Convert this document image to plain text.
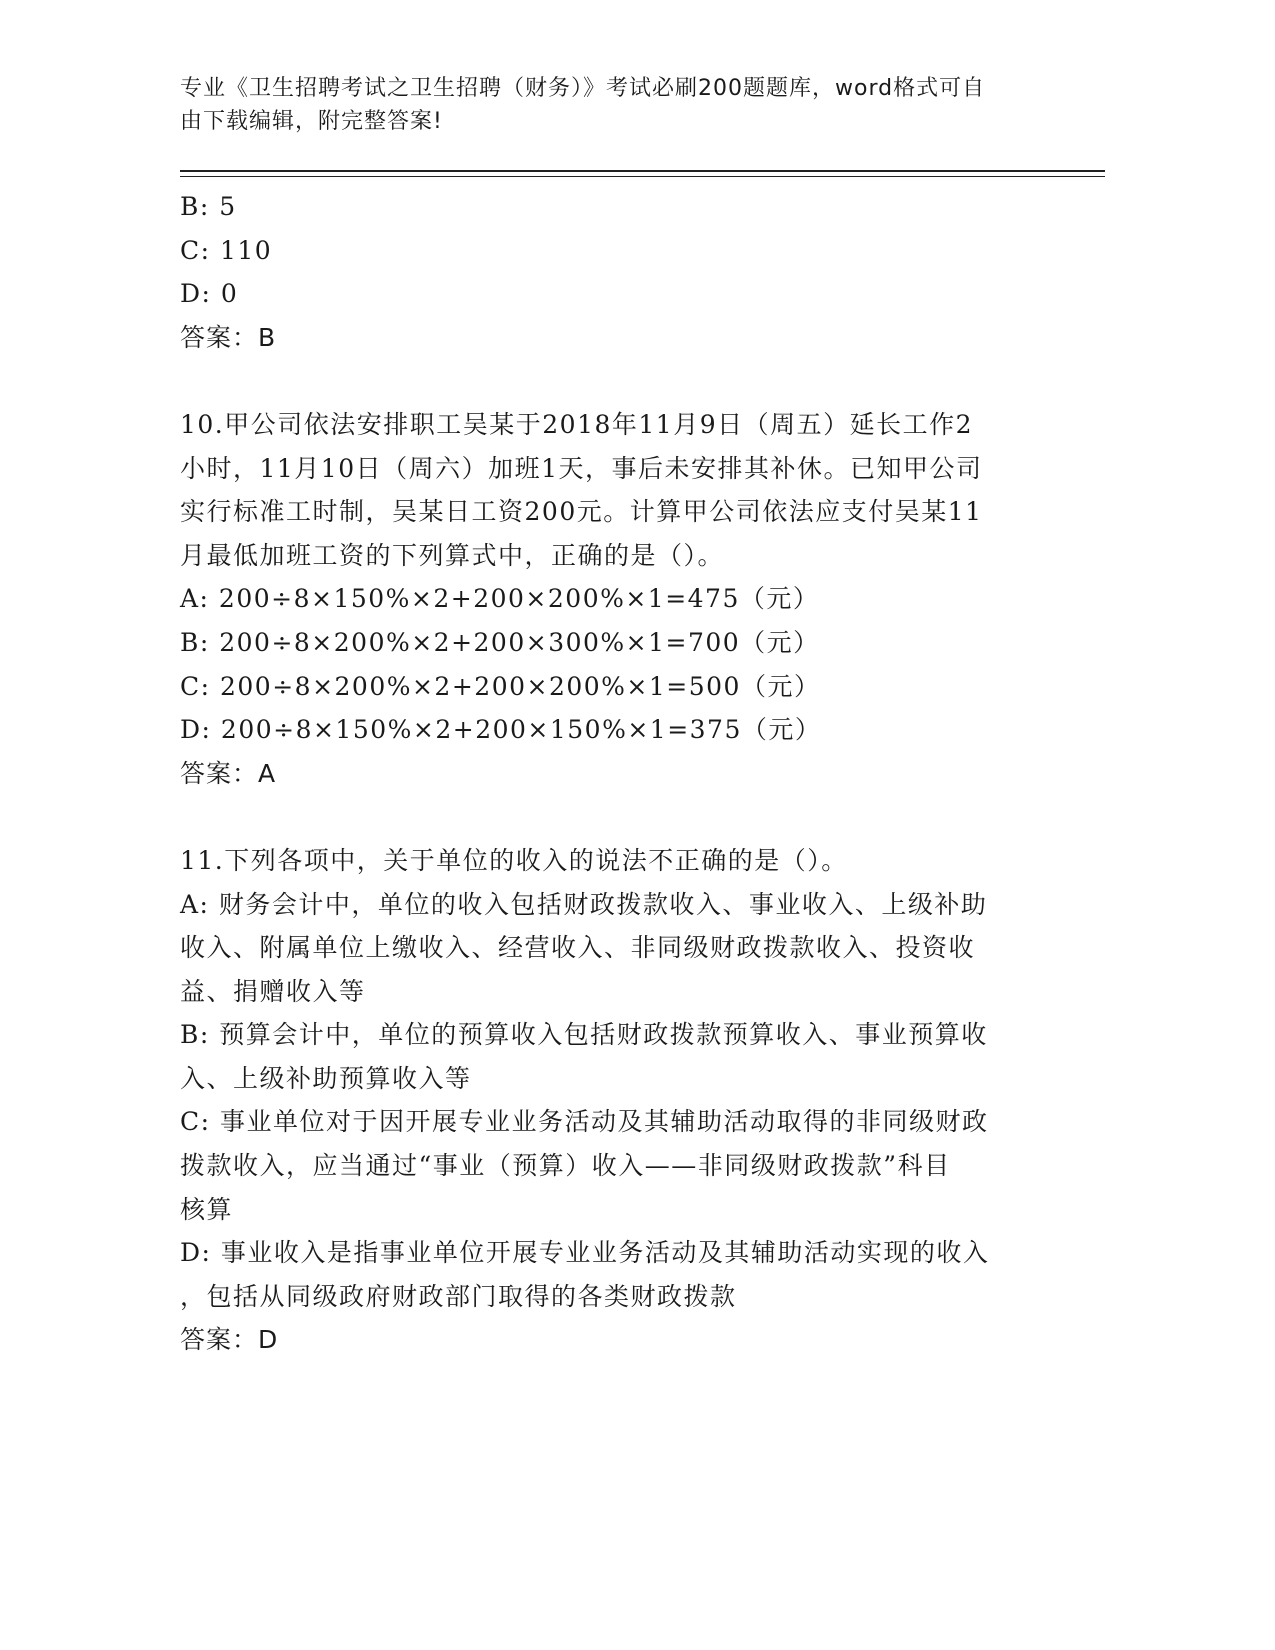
专业《卫生招聘考试之卫生招聘（财务）》考试必刷200题题库，word格式可自
由下载编辑，附完整答案!
B: 5
C: 110
D: 0
答案：B
10.甲公司依法安排职工吴某于2018年11月9日（周五）延长工作2
小时，11月10日（周六）加班1天，事后未安排其补休。已知甲公司
实行标准工时制，吴某日工资200元。计算甲公司依法应支付吴某11
月最低加班工资的下列算式中，正确的是（）。
A: 200÷8×150%×2+200×200%×1=475（元）
B: 200÷8×200%×2+200×300%×1=700（元）
C: 200÷8×200%×2+200×200%×1=500（元）
D: 200÷8×150%×2+200×150%×1=375（元）
答案：A
11.下列各项中，关于单位的收入的说法不正确的是（）。
A: 财务会计中，单位的收入包括财政拨款收入、事业收入、上级补助
收入、附属单位上缴收入、经营收入、非同级财政拨款收入、投资收
益、捐赠收入等
B: 预算会计中，单位的预算收入包括财政拨款预算收入、事业预算收
入、上级补助预算收入等
C: 事业单位对于因开展专业业务活动及其辅助活动取得的非同级财政
拨款收入，应当通过“事业（预算）收入——非同级财政拨款”科目
核算
D: 事业收入是指事业单位开展专业业务活动及其辅助活动实现的收入
，包括从同级政府财政部门取得的各类财政拨款
答案：D
